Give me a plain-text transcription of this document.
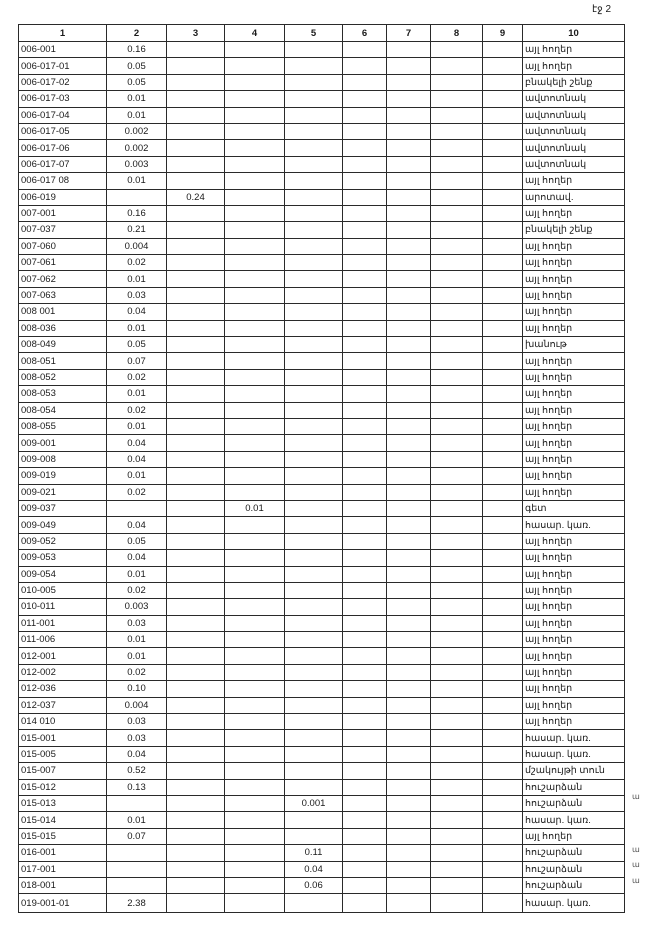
էջ 2
1	2	3	4	5	6	7	8	9	10
006-001	0.16								այլ հողեր
006-017-01	0.05								այլ հողեր
006-017-02	0.05								բնակելի շենք
006-017-03	0.01								ավտոտնակ
006-017-04	0.01								ավտոտնակ
006-017-05	0.002								ավտոտնակ
006-017-06	0.002								ավտոտնակ
006-017-07	0.003								ավտոտնակ
006-017 08	0.01								այլ հողեր
006-019		0.24							արոտավ.
007-001	0.16								այլ հողեր
007-037	0.21								բնակելի շենք
007-060	0.004								այլ հողեր
007-061	0.02								այլ հողեր
007-062	0.01								այլ հողեր
007-063	0.03								այլ հողեր
008 001	0.04								այլ հողեր
008-036	0.01								այլ հողեր
008-049	0.05								խանութ
008-051	0.07								այլ հողեր
008-052	0.02								այլ հողեր
008-053	0.01								այլ հողեր
008-054	0.02								այլ հողեր
008-055	0.01								այլ հողեր
009-001	0.04								այլ հողեր
009-008	0.04								այլ հողեր
009-019	0.01								այլ հողեր
009-021	0.02								այլ հողեր
009-037			0.01						գետ
009-049	0.04								հասար. կառ.
009-052	0.05								այլ հողեր
009-053	0.04								այլ հողեր
009-054	0.01								այլ հողեր
010-005	0.02								այլ հողեր
010-011	0.003								այլ հողեր
011-001	0.03								այլ հողեր
011-006	0.01								այլ հողեր
012-001	0.01								այլ հողեր
012-002	0.02								այլ հողեր
012-036	0.10								այլ հողեր
012-037	0.004								այլ հողեր
014 010	0.03								այլ հողեր
015-001	0.03								հասար. կառ.
015-005	0.04								հասար. կառ.
015-007	0.52								մշակույթի տուն
015-012	0.13								հուշարձան
015-013				0.001					հուշարձան
015-014	0.01								հասար. կառ.
015-015	0.07								այլ հողեր
016-001				0.11					հուշարձան
017-001				0.04					հուշարձան
018-001				0.06					հուշարձան
019-001-01	2.38								հասար. կառ.
ա
ա
ա
ա
